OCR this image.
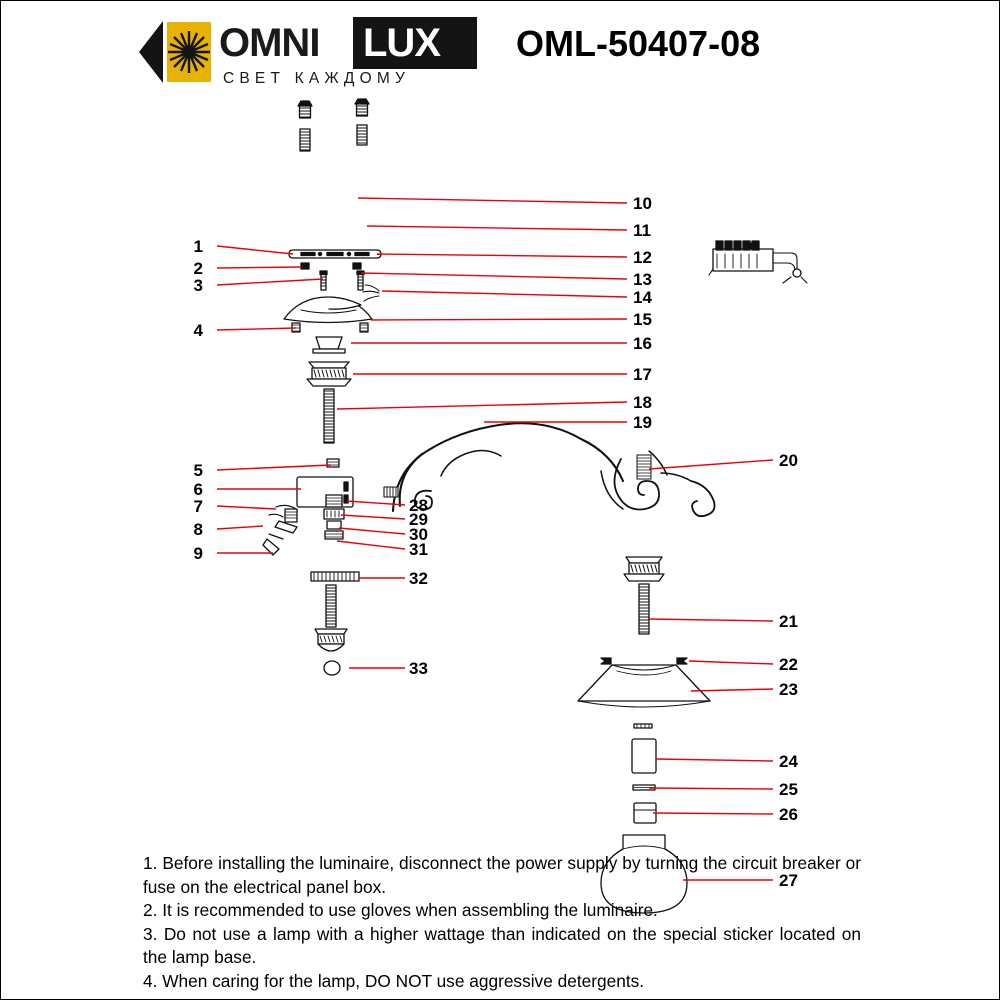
OMNI LUX
СВЕТ КАЖДОМУ
OML-50407-08
1
2
3
4
5
6
7
8
9
10
11
12
13
14
15
16
17
18
19
20
21
22
23
24
25
26
27
28
29
30
31
32
33

1. Before installing the luminaire, disconnect the power supply by turning the circuit breaker or fuse on the electrical panel box.

2. It is recommended to use gloves when assembling the luminaire.

3. Do not use a lamp with a higher wattage than indicated on the special sticker located on the lamp base.

4. When caring for the lamp, DO NOT use aggressive detergents.
